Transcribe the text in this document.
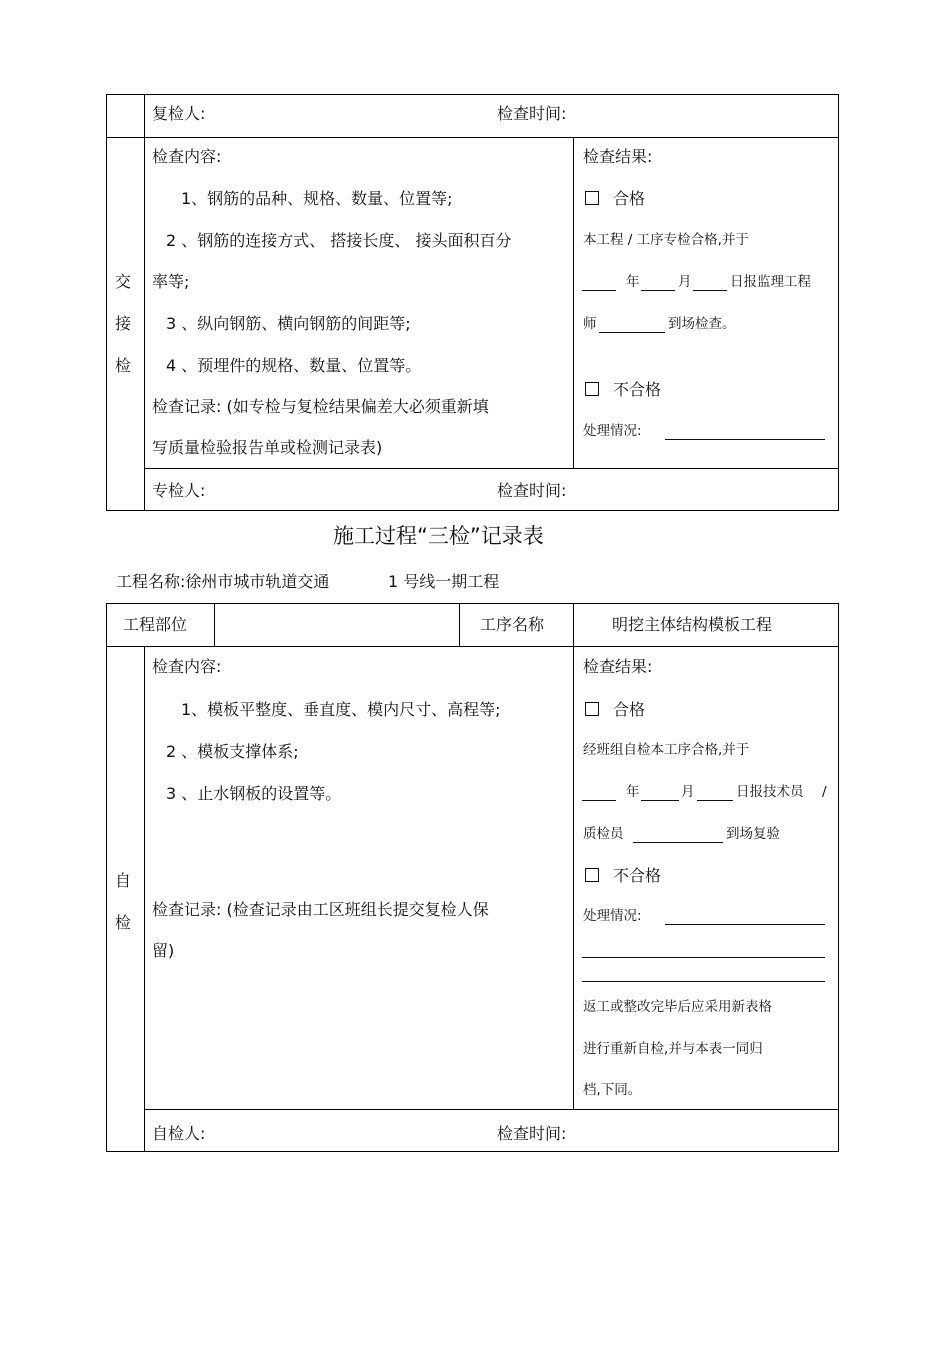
复检人:	检查时间:
交
接
检
检查内容:
1、钢筋的品种、规格、数量、位置等;
2 、钢筋的连接方式、 搭接长度、 接头面积百分
率等;
3 、纵向钢筋、横向钢筋的间距等;
4 、预埋件的规格、数量、位置等。
检查记录: (如专检与复检结果偏差大必须重新填
写质量检验报告单或检测记录表)
检查结果:
合格
本工程 / 工序专检合格,并于
年	月	日报监理工程
师	到场检查。
不合格
处理情况:
专检人:	检查时间:
施工过程“三检”记录表
工程名称:徐州市城市轨道交通	1 号线一期工程
工程部位	工序名称	明挖主体结构模板工程
自
检
检查内容:
1、模板平整度、垂直度、模内尺寸、高程等;
2 、模板支撑体系;
3 、止水钢板的设置等。
检查记录: (检查记录由工区班组长提交复检人保
留)
检查结果:
合格
经班组自检本工序合格,并于
年	月	日报技术员 /
质检员	到场复验
不合格
处理情况:
返工或整改完毕后应采用新表格
进行重新自检,并与本表一同归
档,下同。
自检人:	检查时间:
